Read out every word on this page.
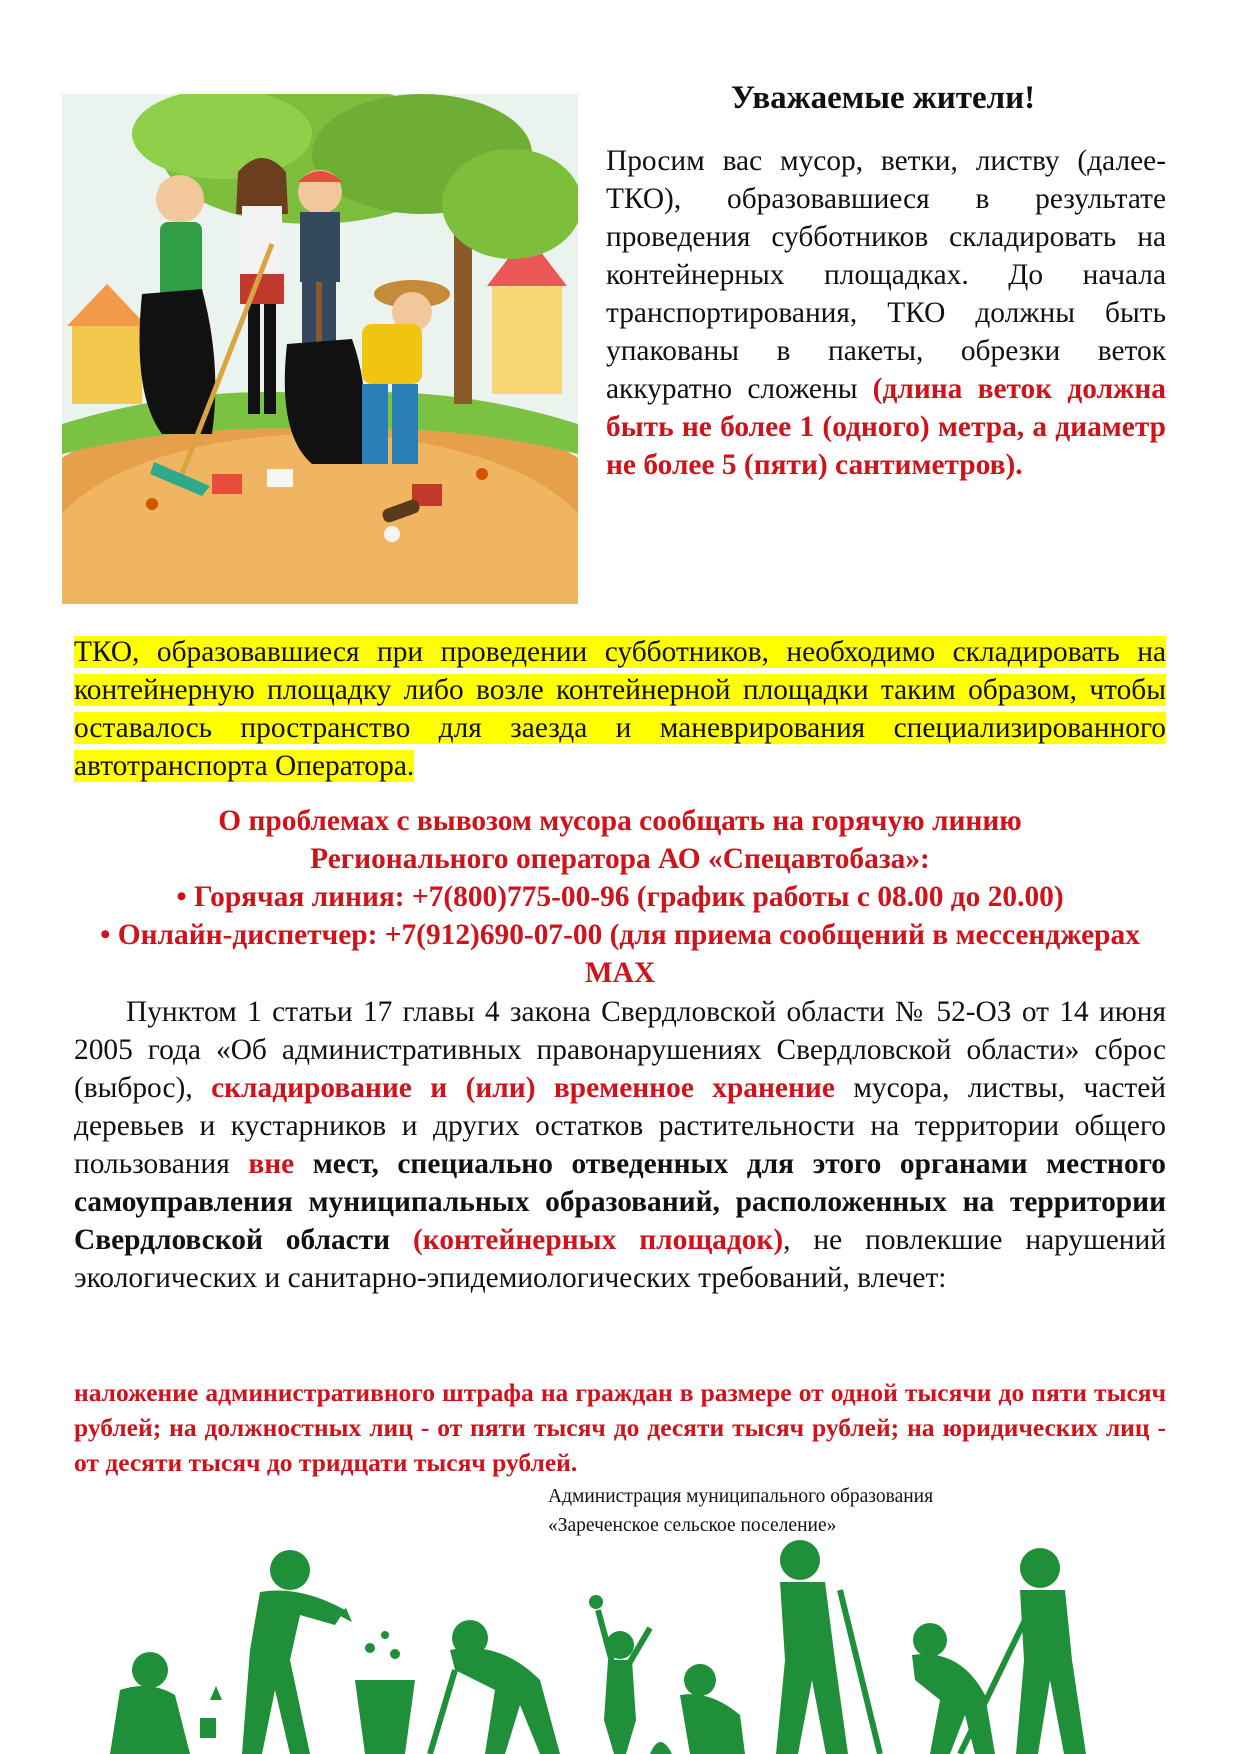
Уважаемые жители!
Просим вас мусор, ветки, листву (далее- ТКО), образовавшиеся в результате проведения субботников складировать на контейнерных площадках. До начала транспортирования, ТКО должны быть упакованы в пакеты, обрезки веток аккуратно сложены (длина веток должна быть не более 1 (одного) метра, а диаметр не более 5 (пяти) сантиметров).
ТКО, образовавшиеся при проведении субботников, необходимо складировать на контейнерную площадку либо возле контейнерной площадки таким образом, чтобы оставалось пространство для заезда и маневрирования специализированного автотранспорта Оператора.
О проблемах с вывозом мусора сообщать на горячую линию
Регионального оператора АО «Спецавтобаза»:
• Горячая линия: +7(800)775-00-96 (график работы с 08.00 до 20.00)
• Онлайн-диспетчер: +7(912)690-07-00 (для приема сообщений в мессенджерах MAX
Пунктом 1 статьи 17 главы 4 закона Свердловской области № 52-ОЗ от 14 июня 2005 года «Об административных правонарушениях Свердловской области» сброс (выброс), складирование и (или) временное хранение мусора, листвы, частей деревьев и кустарников и других остатков растительности на территории общего пользования вне мест, специально отведенных для этого органами местного самоуправления муниципальных образований, расположенных на территории Свердловской области (контейнерных площадок), не повлекшие нарушений экологических и санитарно-эпидемиологических требований, влечет:
наложение административного штрафа на граждан в размере от одной тысячи до пяти тысяч рублей; на должностных лиц - от пяти тысяч до десяти тысяч рублей; на юридических лиц - от десяти тысяч до тридцати тысяч рублей.
Администрация муниципального образования
«Зареченское сельское поселение»
